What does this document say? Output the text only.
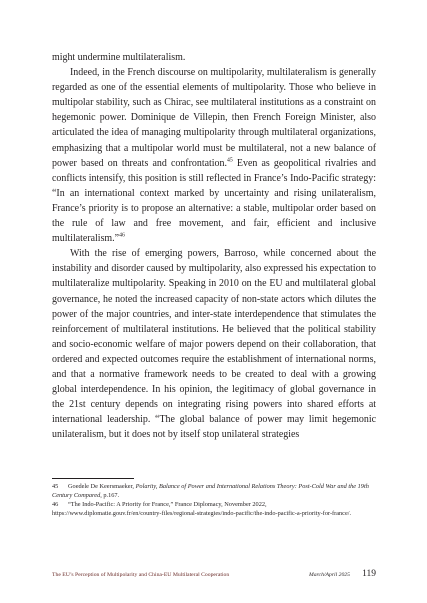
might undermine multilateralism.

Indeed, in the French discourse on multipolarity, multilateralism is generally regarded as one of the essential elements of multipolarity. Those who believe in multipolar stability, such as Chirac, see multilateral institutions as a constraint on hegemonic power. Dominique de Villepin, then French Foreign Minister, also articulated the idea of managing multipolarity through multilateral organizations, emphasizing that a multipolar world must be multilateral, not a new balance of power based on threats and confrontation.$^{45}$ Even as geopolitical rivalries and conflicts intensify, this position is still reflected in France’s Indo-Pacific strategy: “In an international context marked by uncertainty and rising unilateralism, France’s priority is to propose an alternative: a stable, multipolar order based on the rule of law and free movement, and fair, efficient and inclusive multilateralism.”$^{46}$

With the rise of emerging powers, Barroso, while concerned about the instability and disorder caused by multipolarity, also expressed his expectation to multilateralize multipolarity. Speaking in 2010 on the EU and multilateral global governance, he noted the increased capacity of non-state actors which dilutes the power of the major countries, and inter-state interdependence that stimulates the reinforcement of multilateral institutions. He believed that the political stability and socio-economic welfare of major powers depend on their collaboration, that ordered and expected outcomes require the establishment of international norms, and that a normative framework needs to be created to deal with a growing global interdependence. In his opinion, the legitimacy of global governance in the 21st century depends on integrating rising powers into shared efforts at international leadership. “The global balance of power may limit hegemonic unilateralism, but it does not by itself stop unilateral strategies

45 Goedele De Keersmaeker, Polarity, Balance of Power and International Relations Theory: Post-Cold War and the 19th Century Compared, p.167.

46 “The Indo-Pacific: A Priority for France,” France Diplomacy, November 2022, https://www.diplomatie.gouv.fr/en/country-files/regional-strategies/indo-pacific/the-indo-pacific-a-priority-for-france/.

The EU’s Perception of Multipolarity and China-EU Multilateral Cooperation	March/April 2025 119
